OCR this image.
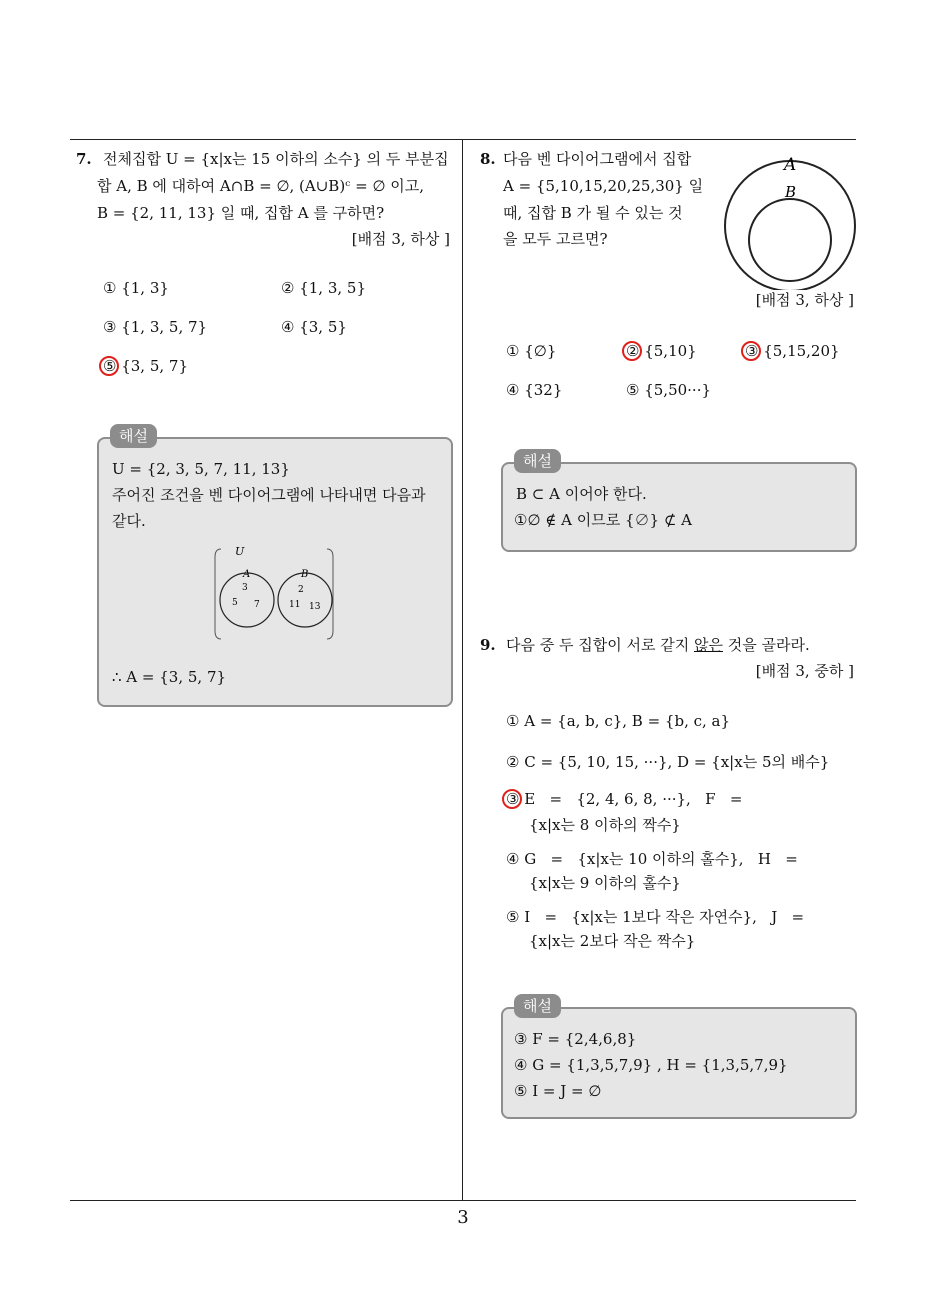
7. 전체집합 U = {x|x는 15 이하의 소수} 의 두 부분집
합 A, B 에 대하여 A∩B = ∅, (A∪B)ᶜ = ∅ 이고,
B = {2, 11, 13} 일 때, 집합 A 를 구하면?
[배점 3, 하상 ]
① {1, 3}	② {1, 3, 5}
③ {1, 3, 5, 7}	④ {3, 5}
⑤ {3, 5, 7}
U = {2, 3, 5, 7, 11, 13}
주어진 조건을 벤 다이어그램에 나타내면 다음과
같다.
U
A	B
3
5 7
2
11 13
∴ A = {3, 5, 7}
해설
8. 다음 벤 다이어그램에서 집합
A = {5,10,15,20,25,30} 일
때, 집합 B 가 될 수 있는 것
을 모두 고르면?
A
B
[배점 3, 하상 ]
① {∅}	② {5,10}	③ {5,15,20}
④ {32}	⑤ {5,50···}
B ⊂ A 이어야 한다.
①∅ ∉ A 이므로 {∅} ⊄ A
해설
9. 다음 중 두 집합이 서로 같지 않은 것을 골라라.
[배점 3, 중하 ]
① A = {a, b, c}, B = {b, c, a}
② C = {5, 10, 15, ···}, D = {x|x는 5의 배수}
③ E   =   {2, 4, 6, 8, ···},   F   =
{x|x는 8 이하의 짝수}
④ G   =   {x|x는 10 이하의 홀수},   H   =
{x|x는 9 이하의 홀수}
⑤ I   =   {x|x는 1보다 작은 자연수},   J   =
{x|x는 2보다 작은 짝수}
③ F = {2,4,6,8}
④ G = {1,3,5,7,9} , H = {1,3,5,7,9}
⑤ I = J = ∅
해설
3
